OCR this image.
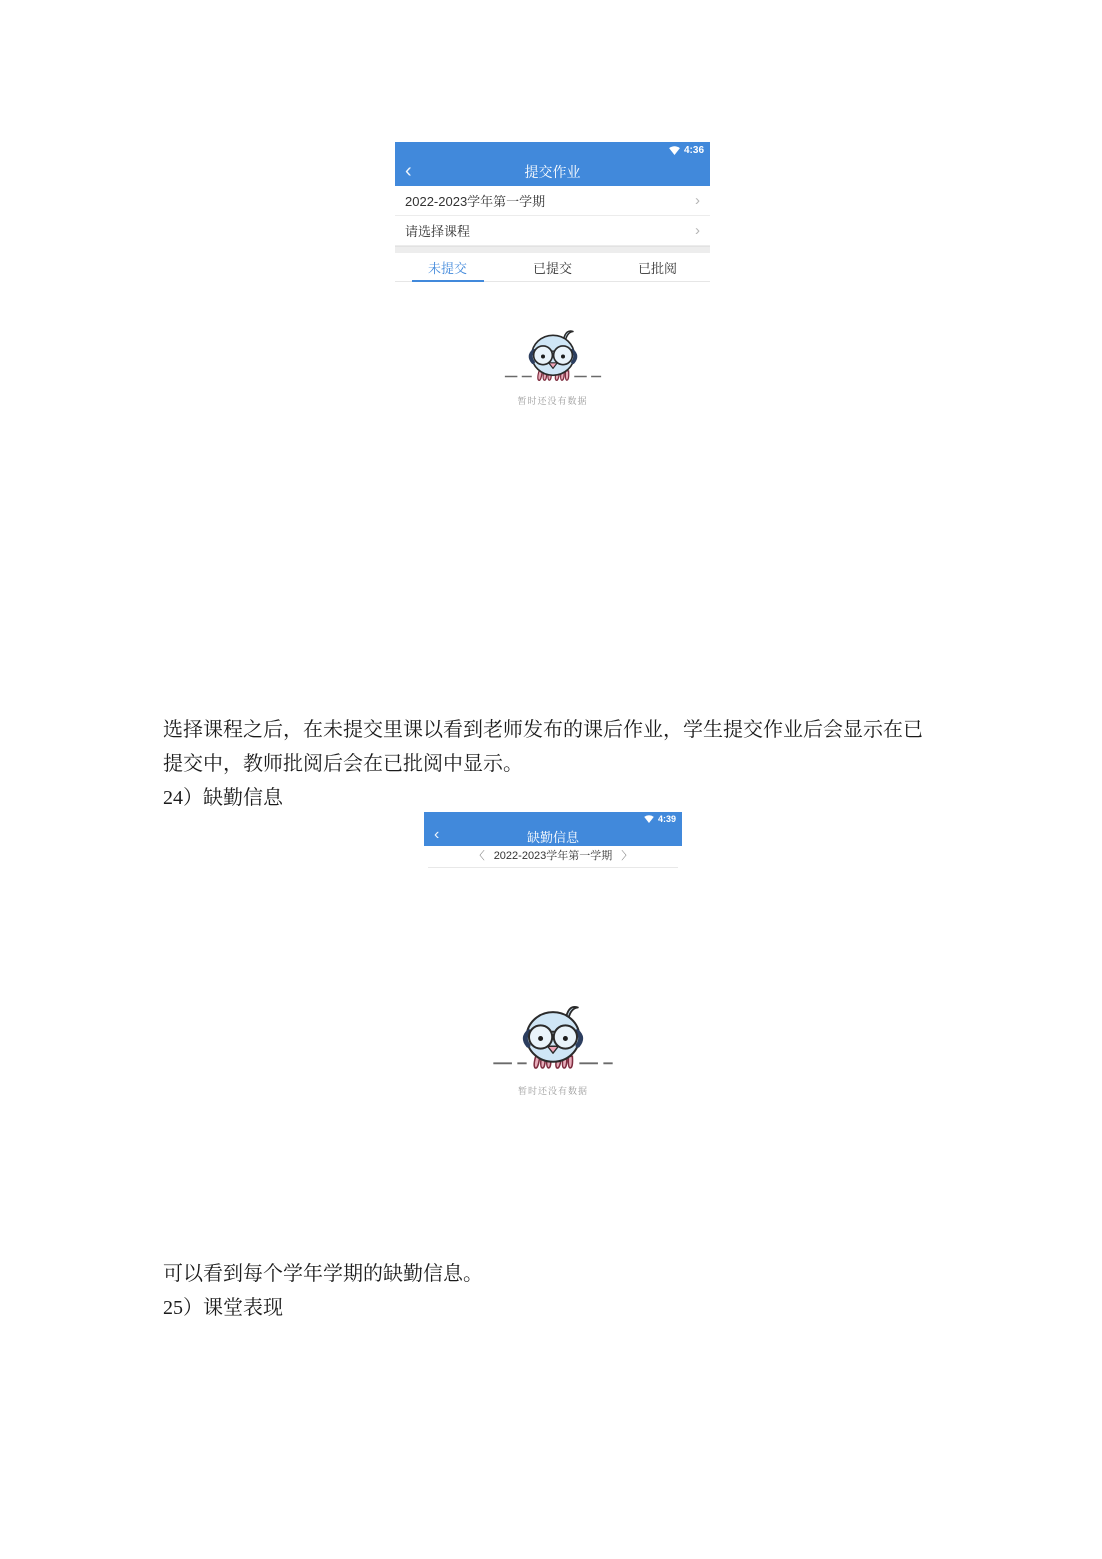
4:36
‹	提交作业
2022-2023学年第一学期	›
请选择课程	›
未提交	已提交	已批阅
暂时还没有数据
选择课程之后，在未提交里课以看到老师发布的课后作业，学生提交作业后会显示在已提交中，教师批阅后会在已批阅中显示。
24）缺勤信息
4:39
‹	缺勤信息
〈 2022-2023学年第一学期 〉
暂时还没有数据
可以看到每个学年学期的缺勤信息。
25）课堂表现
